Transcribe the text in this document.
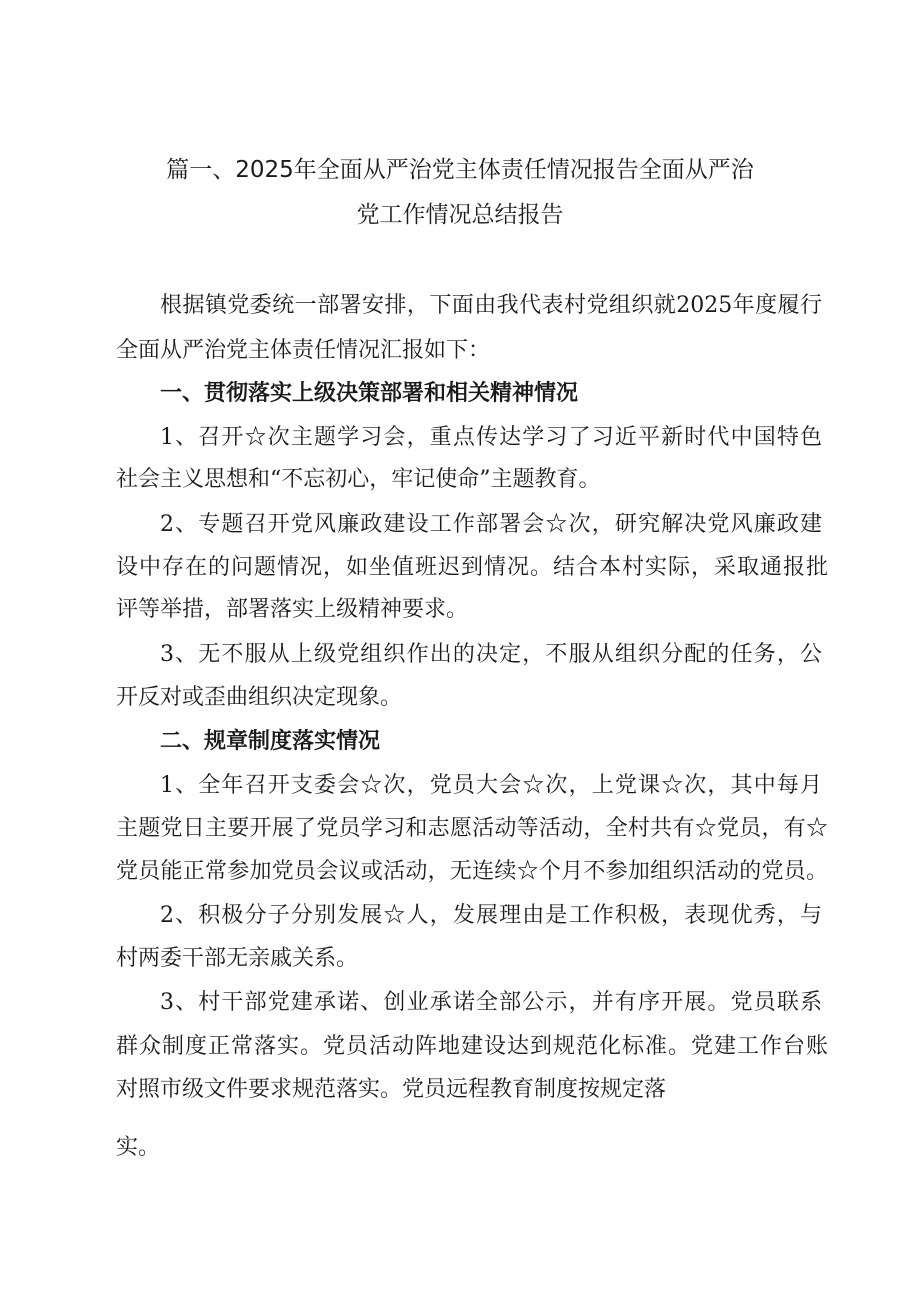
篇一、2025年全面从严治党主体责任情况报告全面从严治
党工作情况总结报告
根据镇党委统一部署安排，下面由我代表村党组织就2025年度履行
全面从严治党主体责任情况汇报如下：
一、贯彻落实上级决策部署和相关精神情况
1、召开☆次主题学习会，重点传达学习了习近平新时代中国特色
社会主义思想和“不忘初心，牢记使命”主题教育。
2、专题召开党风廉政建设工作部署会☆次，研究解决党风廉政建
设中存在的问题情况，如坐值班迟到情况。结合本村实际，采取通报批
评等举措，部署落实上级精神要求。
3、无不服从上级党组织作出的决定，不服从组织分配的任务，公
开反对或歪曲组织决定现象。
二、规章制度落实情况
1、全年召开支委会☆次，党员大会☆次，上党课☆次，其中每月
主题党日主要开展了党员学习和志愿活动等活动，全村共有☆党员，有☆
党员能正常参加党员会议或活动，无连续☆个月不参加组织活动的党员。
2、积极分子分别发展☆人，发展理由是工作积极，表现优秀，与
村两委干部无亲戚关系。
3、村干部党建承诺、创业承诺全部公示，并有序开展。党员联系
群众制度正常落实。党员活动阵地建设达到规范化标准。党建工作台账
对照市级文件要求规范落实。党员远程教育制度按规定落
实。
